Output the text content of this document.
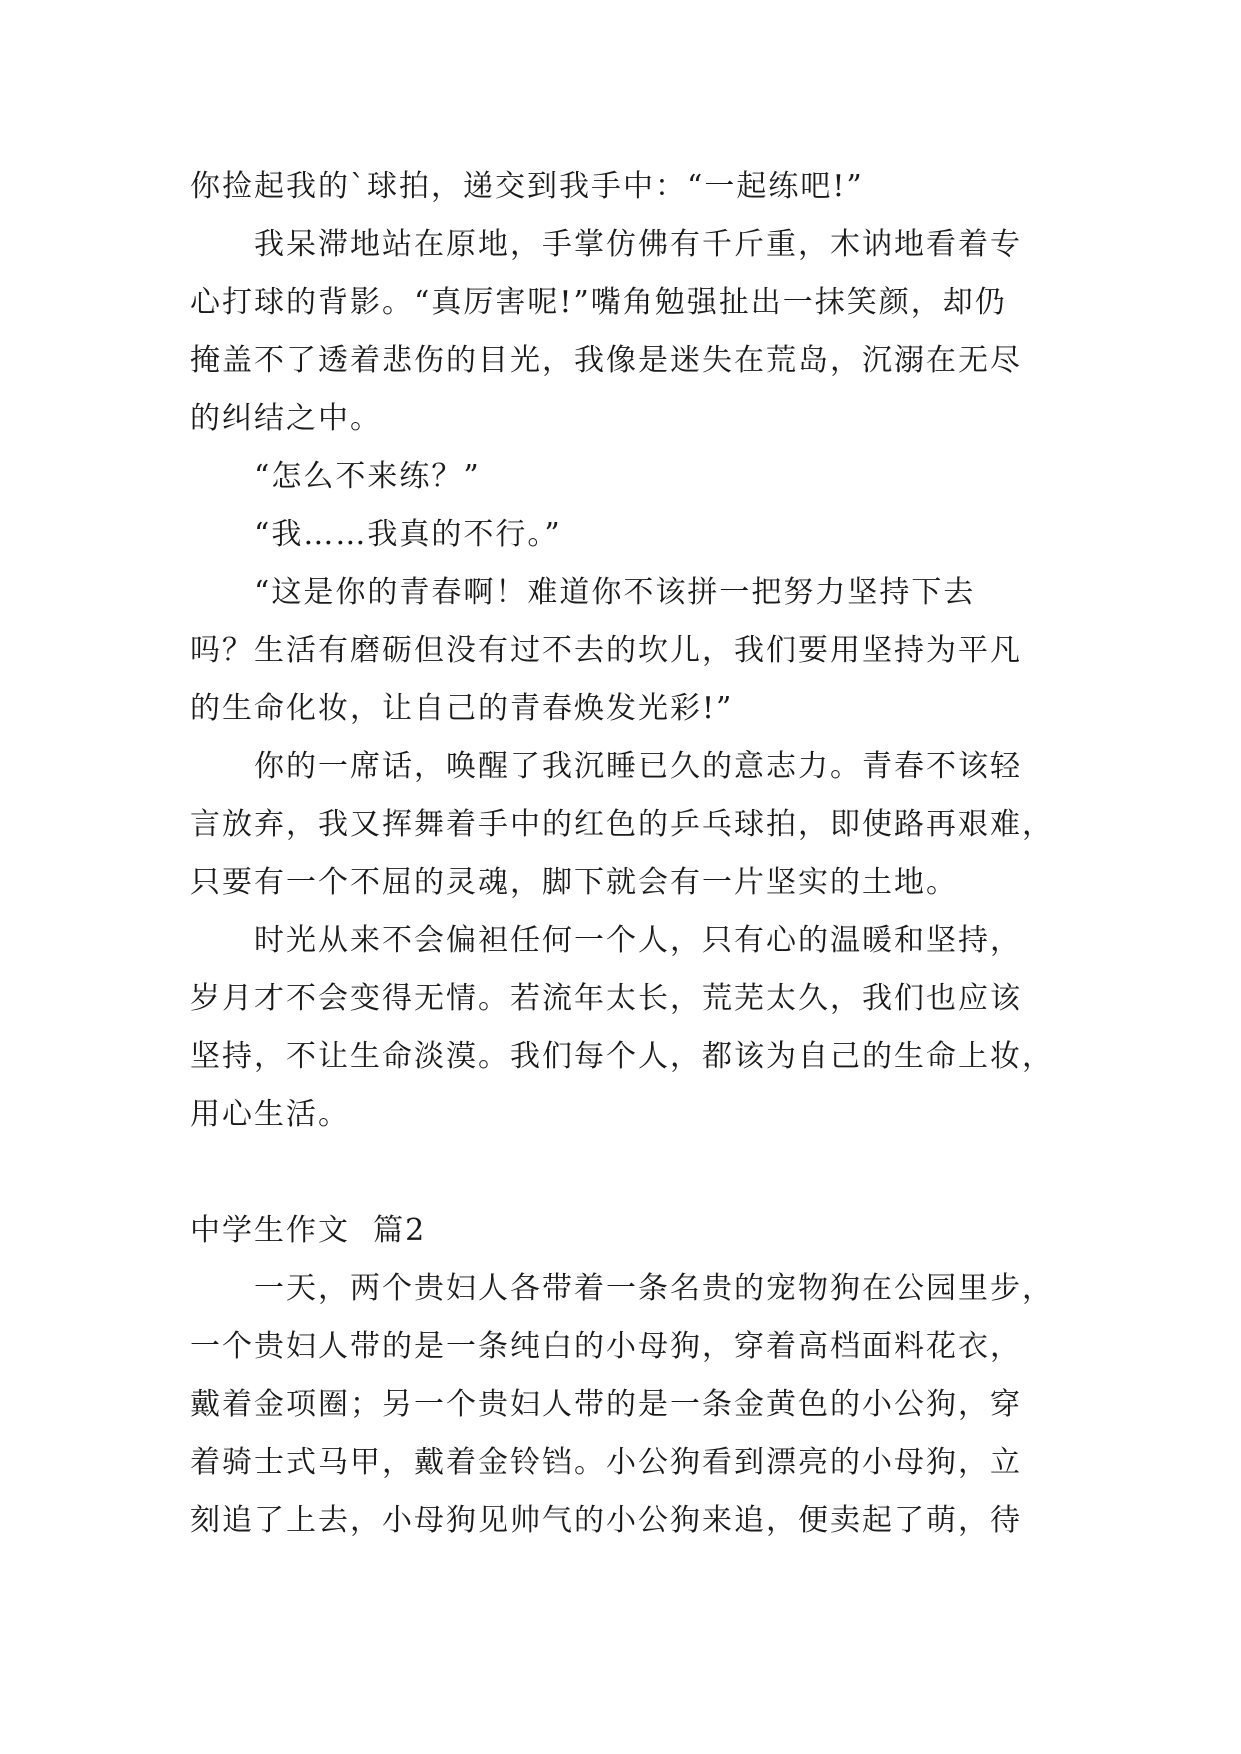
你捡起我的`球拍，递交到我手中：“一起练吧!”
我呆滞地站在原地，手掌仿佛有千斤重，木讷地看着专
心打球的背影。“真厉害呢!”嘴角勉强扯出一抹笑颜，却仍
掩盖不了透着悲伤的目光，我像是迷失在荒岛，沉溺在无尽
的纠结之中。
“怎么不来练？”
“我……我真的不行。”
“这是你的青春啊！难道你不该拼一把努力坚持下去
吗？生活有磨砺但没有过不去的坎儿，我们要用坚持为平凡
的生命化妆，让自己的青春焕发光彩!”
你的一席话，唤醒了我沉睡已久的意志力。青春不该轻
言放弃，我又挥舞着手中的红色的乒乓球拍，即使路再艰难，
只要有一个不屈的灵魂，脚下就会有一片坚实的土地。
时光从来不会偏袒任何一个人，只有心的温暖和坚持，
岁月才不会变得无情。若流年太长，荒芜太久，我们也应该
坚持，不让生命淡漠。我们每个人，都该为自己的生命上妆，
用心生活。
中学生作文  篇2
一天，两个贵妇人各带着一条名贵的宠物狗在公园里步，
一个贵妇人带的是一条纯白的小母狗，穿着高档面料花衣，
戴着金项圈；另一个贵妇人带的是一条金黄色的小公狗，穿
着骑士式马甲，戴着金铃铛。小公狗看到漂亮的小母狗，立
刻追了上去，小母狗见帅气的小公狗来追，便卖起了萌，待
